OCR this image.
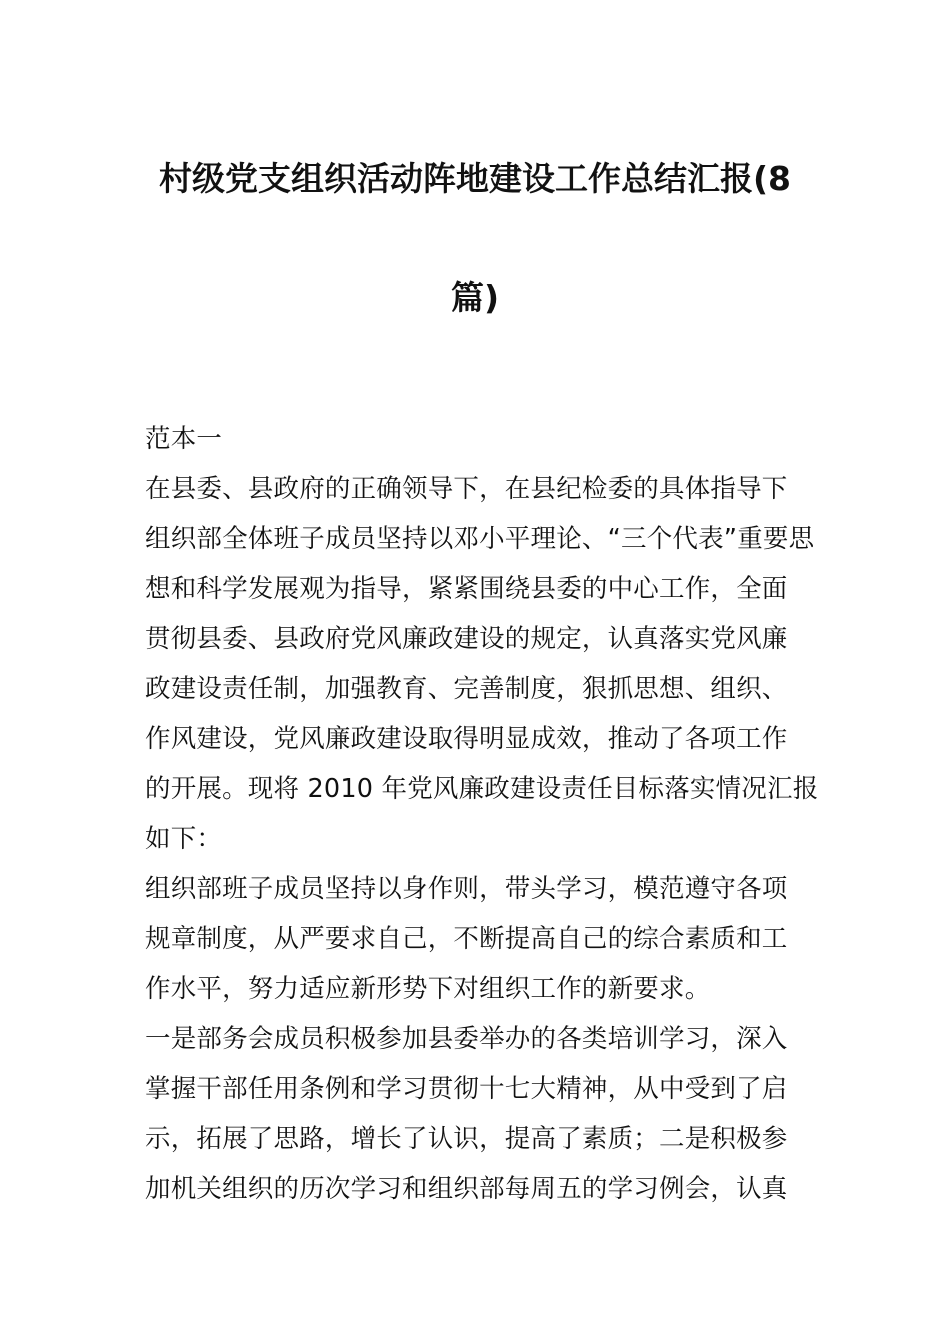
村级党支组织活动阵地建设工作总结汇报(8
篇)
范本一
在县委、县政府的正确领导下，在县纪检委的具体指导下
组织部全体班子成员坚持以邓小平理论、“三个代表”重要思
想和科学发展观为指导，紧紧围绕县委的中心工作，全面
贯彻县委、县政府党风廉政建设的规定，认真落实党风廉
政建设责任制，加强教育、完善制度，狠抓思想、组织、
作风建设，党风廉政建设取得明显成效，推动了各项工作
的开展。现将 2010 年党风廉政建设责任目标落实情况汇报
如下：
组织部班子成员坚持以身作则，带头学习，模范遵守各项
规章制度，从严要求自己，不断提高自己的综合素质和工
作水平，努力适应新形势下对组织工作的新要求。
一是部务会成员积极参加县委举办的各类培训学习，深入
掌握干部任用条例和学习贯彻十七大精神，从中受到了启
示，拓展了思路，增长了认识，提高了素质；二是积极参
加机关组织的历次学习和组织部每周五的学习例会，认真
